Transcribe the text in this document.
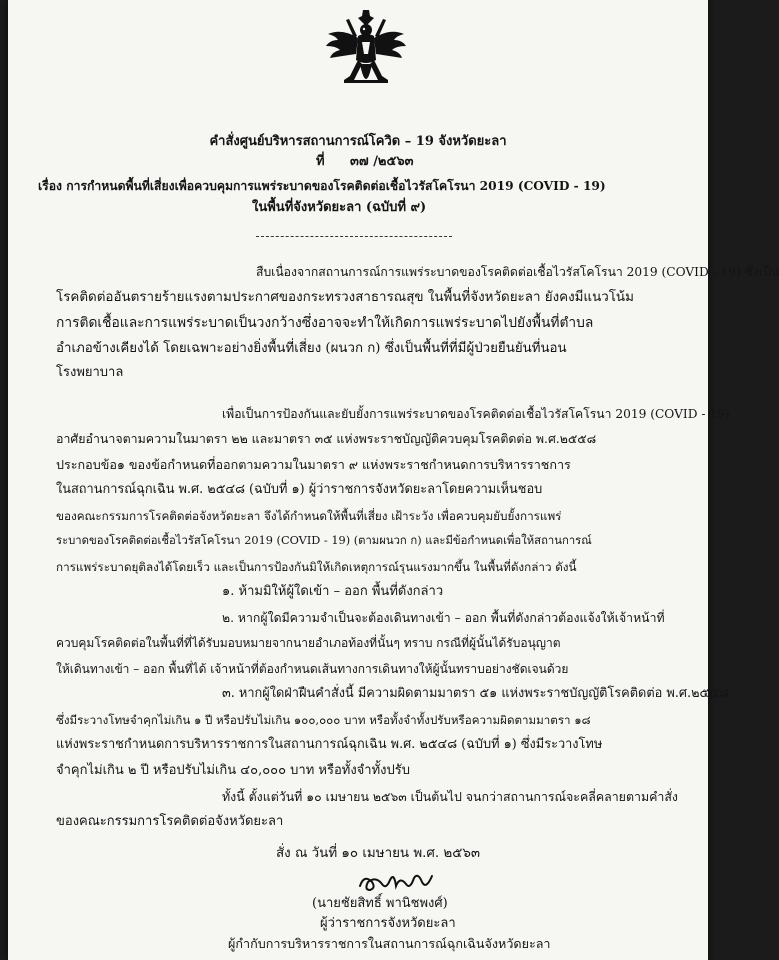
คำสั่งศูนย์บริหารสถานการณ์โควิด – 19 จังหวัดยะลา
ที่ ๓๗ /๒๕๖๓
เรื่อง การกำหนดพื้นที่เสี่ยงเพื่อควบคุมการแพร่ระบาดของโรคติดต่อเชื้อไวรัสโคโรนา 2019 (COVID - 19)
ในพื้นที่จังหวัดยะลา (ฉบับที่ ๙)
สืบเนื่องจากสถานการณ์การแพร่ระบาดของโรคติดต่อเชื้อไวรัสโคโรนา 2019 (COVID - 19) ซึ่งเป็น
โรคติดต่ออันตรายร้ายแรงตามประกาศของกระทรวงสาธารณสุข ในพื้นที่จังหวัดยะลา ยังคงมีแนวโน้ม
การติดเชื้อและการแพร่ระบาดเป็นวงกว้างซึ่งอาจจะทำให้เกิดการแพร่ระบาดไปยังพื้นที่ตำบล
อำเภอข้างเคียงได้ โดยเฉพาะอย่างยิ่งพื้นที่เสี่ยง (ผนวก ก) ซึ่งเป็นพื้นที่ที่มีผู้ป่วยยืนยันที่นอน
โรงพยาบาล
เพื่อเป็นการป้องกันและยับยั้งการแพร่ระบาดของโรคติดต่อเชื้อไวรัสโคโรนา 2019 (COVID - 19)
อาศัยอำนาจตามความในมาตรา ๒๒ และมาตรา ๓๕ แห่งพระราชบัญญัติควบคุมโรคติดต่อ พ.ศ.๒๕๕๘
ประกอบข้อ๑ ของข้อกำหนดที่ออกตามความในมาตรา ๙ แห่งพระราชกำหนดการบริหารราชการ
ในสถานการณ์ฉุกเฉิน พ.ศ. ๒๕๔๘ (ฉบับที่ ๑) ผู้ว่าราชการจังหวัดยะลาโดยความเห็นชอบ
ของคณะกรรมการโรคติดต่อจังหวัดยะลา จึงได้กำหนดให้พื้นที่เสี่ยง เฝ้าระวัง เพื่อควบคุมยับยั้งการแพร่
ระบาดของโรคติดต่อเชื้อไวรัสโคโรนา 2019 (COVID - 19) (ตามผนวก ก) และมีข้อกำหนดเพื่อให้สถานการณ์
การแพร่ระบาดยุติลงได้โดยเร็ว และเป็นการป้องกันมิให้เกิดเหตุการณ์รุนแรงมากขึ้น ในพื้นที่ดังกล่าว ดังนี้
๑. ห้ามมิให้ผู้ใดเข้า – ออก พื้นที่ดังกล่าว
๒. หากผู้ใดมีความจำเป็นจะต้องเดินทางเข้า – ออก พื้นที่ดังกล่าวต้องแจ้งให้เจ้าหน้าที่
ควบคุมโรคติดต่อในพื้นที่ที่ได้รับมอบหมายจากนายอำเภอท้องที่นั้นๆ ทราบ กรณีที่ผู้นั้นได้รับอนุญาต
ให้เดินทางเข้า – ออก พื้นที่ได้ เจ้าหน้าที่ต้องกำหนดเส้นทางการเดินทางให้ผู้นั้นทราบอย่างชัดเจนด้วย
๓. หากผู้ใดฝ่าฝืนคำสั่งนี้ มีความผิดตามมาตรา ๕๑ แห่งพระราชบัญญัติโรคติดต่อ พ.ศ.๒๕๕๘
ซึ่งมีระวางโทษจำคุกไม่เกิน ๑ ปี หรือปรับไม่เกิน ๑๐๐,๐๐๐ บาท หรือทั้งจำทั้งปรับหรือความผิดตามมาตรา ๑๘
แห่งพระราชกำหนดการบริหารราชการในสถานการณ์ฉุกเฉิน พ.ศ. ๒๕๔๘ (ฉบับที่ ๑) ซึ่งมีระวางโทษ
จำคุกไม่เกิน ๒ ปี หรือปรับไม่เกิน ๔๐,๐๐๐ บาท หรือทั้งจำทั้งปรับ
ทั้งนี้ ตั้งแต่วันที่ ๑๐ เมษายน ๒๕๖๓ เป็นต้นไป จนกว่าสถานการณ์จะคลี่คลายตามคำสั่ง
ของคณะกรรมการโรคติดต่อจังหวัดยะลา
สั่ง ณ วันที่ ๑๐ เมษายน พ.ศ. ๒๕๖๓
(นายชัยสิทธิ์ พานิชพงศ์)
ผู้ว่าราชการจังหวัดยะลา
ผู้กำกับการบริหารราชการในสถานการณ์ฉุกเฉินจังหวัดยะลา
